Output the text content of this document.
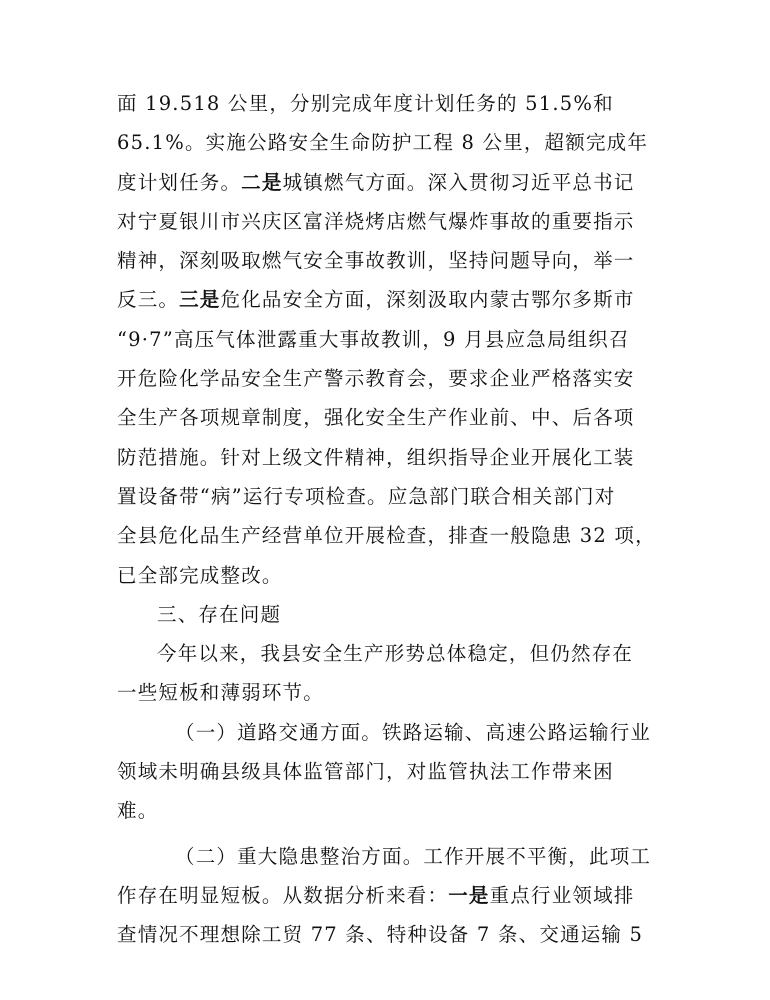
面 19.518 公里，分别完成年度计划任务的 51.5%和
65.1%。实施公路安全生命防护工程 8 公里，超额完成年
度计划任务。二是城镇燃气方面。深入贯彻习近平总书记
对宁夏银川市兴庆区富洋烧烤店燃气爆炸事故的重要指示
精神，深刻吸取燃气安全事故教训，坚持问题导向，举一
反三。三是危化品安全方面，深刻汲取内蒙古鄂尔多斯市
“9·7”高压气体泄露重大事故教训，9 月县应急局组织召
开危险化学品安全生产警示教育会，要求企业严格落实安
全生产各项规章制度，强化安全生产作业前、中、后各项
防范措施。针对上级文件精神，组织指导企业开展化工装
置设备带“病”运行专项检查。应急部门联合相关部门对
全县危化品生产经营单位开展检查，排查一般隐患 32 项，
已全部完成整改。
三、存在问题
今年以来，我县安全生产形势总体稳定，但仍然存在
一些短板和薄弱环节。
（一）道路交通方面。铁路运输、高速公路运输行业
领域未明确县级具体监管部门，对监管执法工作带来困
难。
（二）重大隐患整治方面。工作开展不平衡，此项工
作存在明显短板。从数据分析来看：一是重点行业领域排
查情况不理想除工贸 77 条、特种设备 7 条、交通运输 5
